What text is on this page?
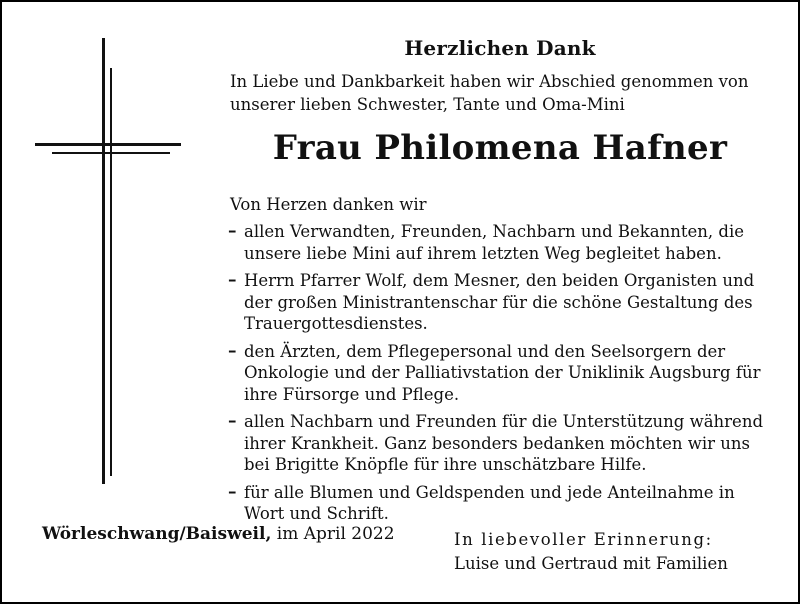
Herzlichen Dank
In Liebe und Dankbarkeit haben wir Abschied genommen von unserer lieben Schwester, Tante und Oma-Mini
Frau Philomena Hafner
Von Herzen danken wir
– allen Verwandten, Freunden, Nachbarn und Bekannten, die unsere liebe Mini auf ihrem letzten Weg begleitet haben.
– Herrn Pfarrer Wolf, dem Mesner, den beiden Organisten und der großen Ministrantenschar für die schöne Gestaltung des Trauergottesdienstes.
– den Ärzten, dem Pflegepersonal und den Seelsorgern der Onkologie und der Palliativstation der Uniklinik Augsburg für ihre Fürsorge und Pflege.
– allen Nachbarn und Freunden für die Unterstützung während ihrer Krankheit. Ganz besonders bedanken möchten wir uns bei Brigitte Knöpfle für ihre unschätzbare Hilfe.
– für alle Blumen und Geldspenden und jede Anteilnahme in Wort und Schrift.
Wörleschwang/Baisweil, im April 2022	In liebevoller Erinnerung:
Luise und Gertraud mit Familien
